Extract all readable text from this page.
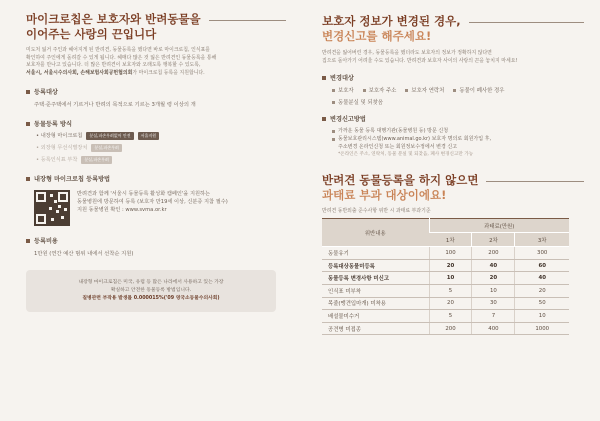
마이크로칩은 보호자와 반려동물을
이어주는 사랑의 끈입니다
미도처 잃거 주인과 헤어지게 된 반려견, 동물등록을 했다면 바로 마이크로칩, 인식표를
확인하여 주인에게 돌려갈 수 있게 됩니다. 헤매다 많은 것 잃은 반려견인 동물등록을 통해
보호자를 만나고 있습니다. 더 많은 반려견이 보호자와 오래도록 행복할 수 있도록,
서울시, 서울시수의사회, 손해보험사회공헌협의회가 마이크로칩 등록을 지원합니다.
등록대상
주택·준주택에서 기르거나 반려의 목적으로 기르는 3개월 령 이상의 개
동물등록 방식
• 내장형 마이크로칩	분실,파손우려없어 안전	서울지원
• 외장형 무선식별장치	분실,파손우려
• 등록인식표 부착	분실,파손우려
내장형 마이크로칩 등록방법
반려견과 함께 '서울시 동물등록 활성화 캠페인'을 지원하는
동물병원에 방문하여 등록 (보호자 만19세 이상, 신분증 지참 필수)
지원 동물병원 확인 : www.svma.or.kr
등록비용
1만원 (연간 예산 범위 내에서 선착순 지원)
내장형 마이크로칩은 미국, 유럽 등 많은 나라에서 사용하고 있는 가장
확실하고 안전한 동물등록 방법입니다.
질병관련 부작용 발생률 0.000015%('09 영국소동물수의사회)
보호자 정보가 변경된 경우,
변경신고를 해주세요!
반려견을 잃어버린 경우, 동물등록을 했더라도 보호자의 정보가 정확하지 않다면
집으로 돌아가기 어려울 수도 있습니다. 반려견과 보호자 사이의 사랑의 끈을 놓치지 마세요!
변경대상
보호자	보호자 주소	보호자 연락처	동물이 폐사한 경우
동물분실 및 되찾음
변경신고방법
가까운 동물 등록 대행기관(동물병원 등) 방문 신청
동물보호관리시스템(www.animal.go.kr) 보호자 명의로 회원가입 후,
주소변경 온라인신청 또는 회원정보수정에서 변경 신고
*온라인은 주소, 연락처, 동물 분실 및 되찾음, 폐사 변경신고만 가능
반려견 동물등록을 하지 않으면
과태료 부과 대상이에요!
반려견 동반외출 준수사항 위반 시 과태료 부과기준
위반내용	과태료(만원)		
	1차	2차	3차
동물유기	100	200	300
등록대상동물미등록	20	40	60
동물등록 변경사항 미신고	10	20	40
인식표 미부착	5	10	20
목줄(맹견입마개) 미착용	20	30	50
배설물미수거	5	7	10
공견병 미접종	200	400	1000
